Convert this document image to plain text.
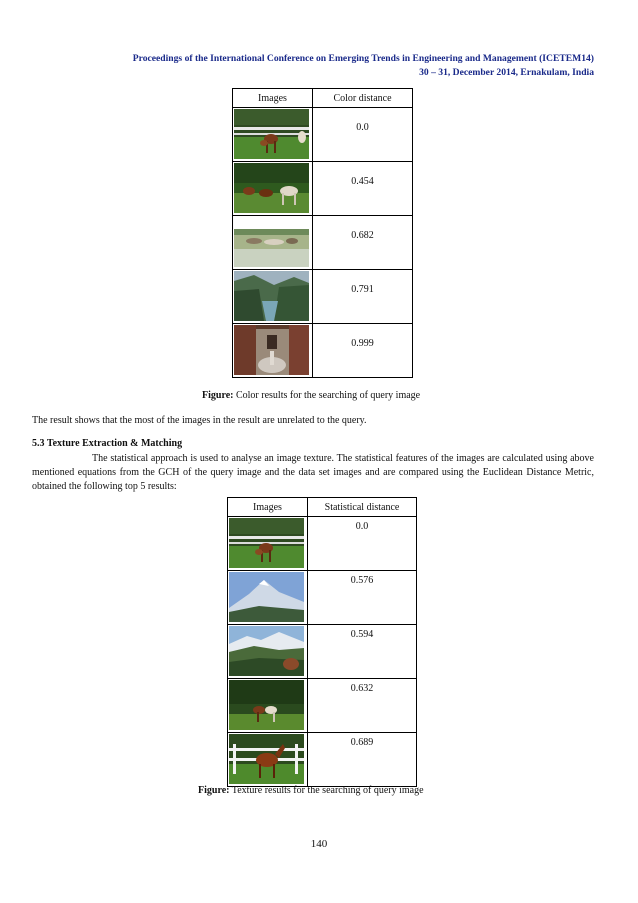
Proceedings of the International Conference on Emerging Trends in Engineering and Management (ICETEM14)
30 – 31, December 2014, Ernakulam, India
Images	Color distance

	0.0

	0.454

	0.682

	0.791

	0.999
Figure: Color results for the searching of query image
The result shows that the most of the images in the result are unrelated to the query.
5.3 Texture Extraction & Matching
The statistical approach is used to analyse an image texture. The statistical features of the images are calculated using above mentioned equations from the GCH of the query image and the data set images and are compared using the Euclidean Distance Metric, obtained the following top 5 results:
Images	Statistical distance

	0.0

	0.576

	0.594

	0.632

	0.689
Figure: Texture results for the searching of query image
140
